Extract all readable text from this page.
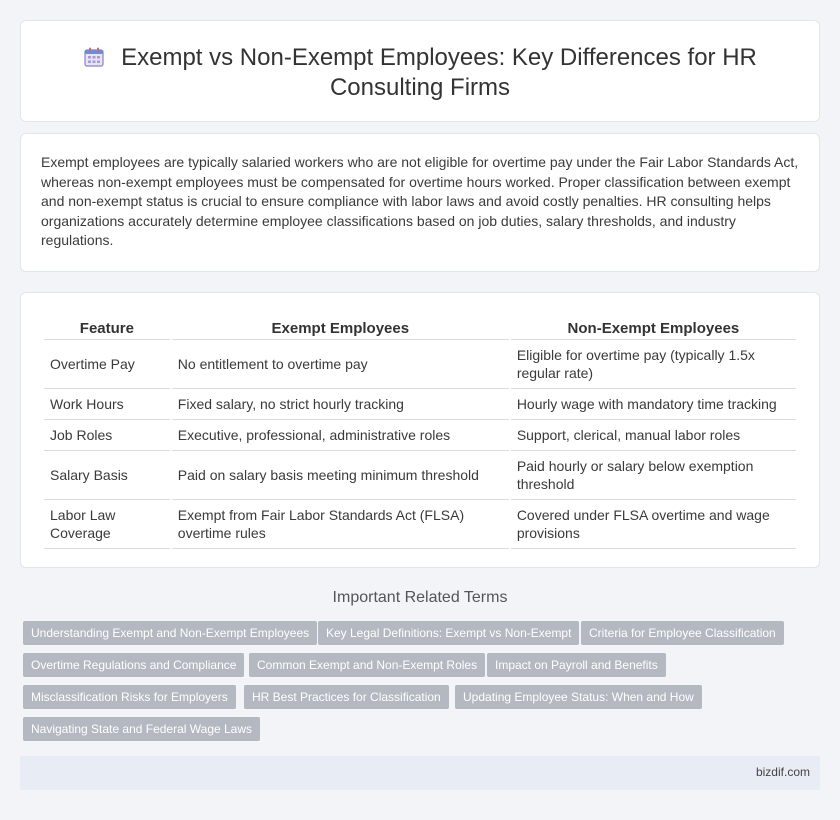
Exempt vs Non-Exempt Employees: Key Differences for HR Consulting Firms

Exempt employees are typically salaried workers who are not eligible for overtime pay under the Fair Labor Standards Act, whereas non-exempt employees must be compensated for overtime hours worked. Proper classification between exempt and non-exempt status is crucial to ensure compliance with labor laws and avoid costly penalties. HR consulting helps organizations accurately determine employee classifications based on job duties, salary thresholds, and industry regulations.

Feature	Exempt Employees	Non-Exempt Employees
Overtime Pay	No entitlement to overtime pay	Eligible for overtime pay (typically 1.5x regular rate)
Work Hours	Fixed salary, no strict hourly tracking	Hourly wage with mandatory time tracking
Job Roles	Executive, professional, administrative roles	Support, clerical, manual labor roles
Salary Basis	Paid on salary basis meeting minimum threshold	Paid hourly or salary below exemption threshold
Labor Law Coverage	Exempt from Fair Labor Standards Act (FLSA) overtime rules	Covered under FLSA overtime and wage provisions
Important Related Terms
Understanding Exempt and Non-Exempt Employees	Key Legal Definitions: Exempt vs Non-Exempt	Criteria for Employee Classification
Overtime Regulations and Compliance	Common Exempt and Non-Exempt Roles	Impact on Payroll and Benefits
Misclassification Risks for Employers	HR Best Practices for Classification	Updating Employee Status: When and How
Navigating State and Federal Wage Laws
bizdif.com
